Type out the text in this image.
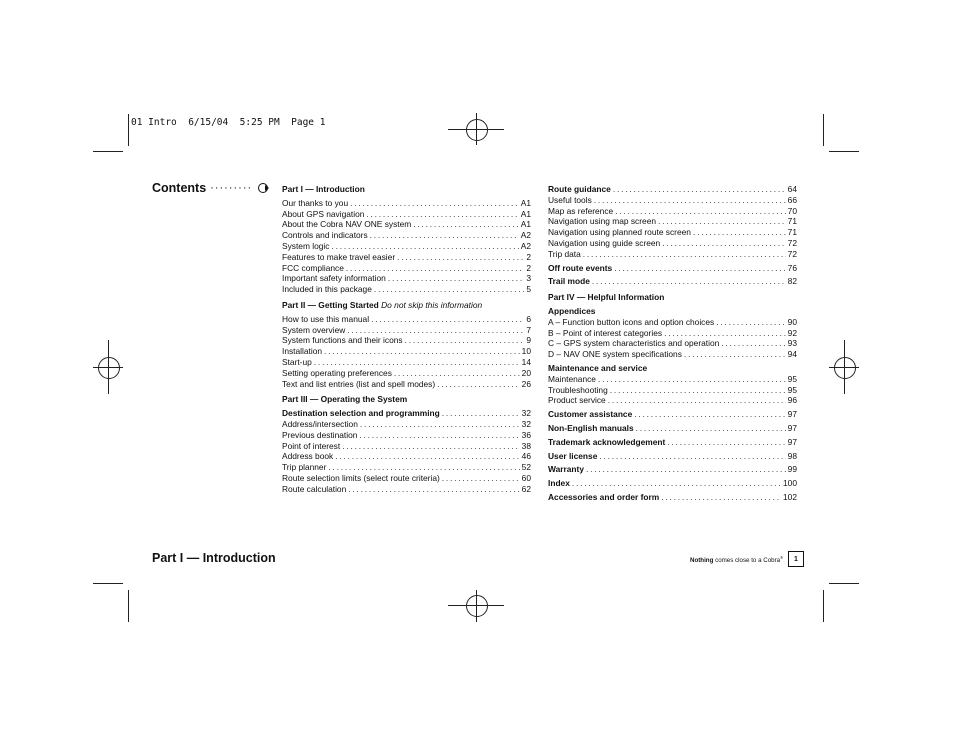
01 Intro  6/15/04  5:25 PM  Page 1
Contents ·········	Part I — Introduction
Our thanks to you .....	A1
About GPS navigation .....	A1
About the Cobra NAV ONE system .....	A1
Controls and indicators .....	A2
System logic .....	A2
Features to make travel easier .....	2
FCC compliance .....	2
Important safety information .....	3
Included in this package .....	5
Part II — Getting Started Do not skip this information
How to use this manual .....	6
System overview .....	7
System functions and their icons .....	9
Installation .....	10
Start-up .....	14
Setting operating preferences .....	20
Text and list entries (list and spell modes) .....	26
Part III — Operating the System
Destination selection and programming .....	32
Address/intersection .....	32
Previous destination .....	36
Point of interest .....	38
Address book .....	46
Trip planner .....	52
Route selection limits (select route criteria) .....	60
Route calculation .....	62
Route guidance .....	64
Useful tools .....	66
Map as reference .....	70
Navigation using map screen .....	71
Navigation using planned route screen .....	71
Navigation using guide screen .....	72
Trip data .....	72
Off route events .....	76
Trail mode .....	82
Part IV — Helpful Information
Appendices
A – Function button icons and option choices .....	90
B – Point of interest categories .....	92
C – GPS system characteristics and operation .....	93
D – NAV ONE system specifications .....	94
Maintenance and service
Maintenance .....	95
Troubleshooting .....	95
Product service .....	96
Customer assistance .....	97
Non-English manuals .....	97
Trademark acknowledgement .....	97
User license .....	98
Warranty .....	99
Index .....	100
Accessories and order form .....	102
Part I — Introduction	Nothing comes close to a Cobra®	1
